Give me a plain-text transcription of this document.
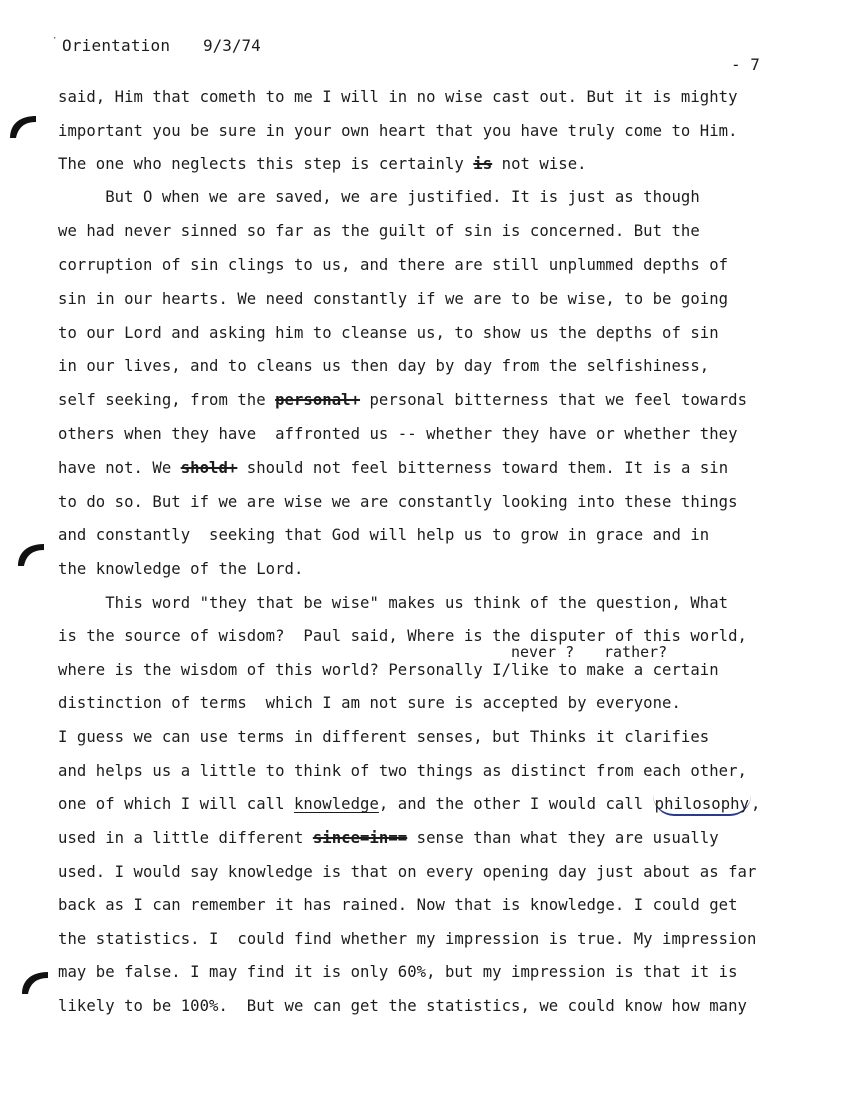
· Orientation 9/3/74
- 7
said, Him that cometh to me I will in no wise cast out. But it is mighty
important you be sure in your own heart that you have truly come to Him.
The one who neglects this step is certainly is not wise.
But O when we are saved, we are justified. It is just as though
we had never sinned so far as the guilt of sin is concerned. But the
corruption of sin clings to us, and there are still unplummed depths of
sin in our hearts. We need constantly if we are to be wise, to be going
to our Lord and asking him to cleanse us, to show us the depths of sin
in our lives, and to cleans us then day by day from the selfishiness,
self seeking, from the personal+ personal bitterness that we feel towards
others when they have  affronted us -- whether they have or whether they
have not. We shold+ should not feel bitterness toward them. It is a sin
to do so. But if we are wise we are constantly looking into these things
and constantly  seeking that God will help us to grow in grace and in
the knowledge of the Lord.
This word "they that be wise" makes us think of the question, What
is the source of wisdom?  Paul said, Where is the disputer of this world,
never ? rather?
where is the wisdom of this world? Personally I/like to make a certain
distinction of terms  which I am not sure is accepted by everyone.
I guess we can use terms in different senses, but Thinks it clarifies
and helps us a little to think of two things as distinct from each other,
one of which I will call knowledge, and the other I would call philosophy ,
used in a little different since=in== sense than what they are usually
used. I would say knowledge is that on every opening day just about as far
back as I can remember it has rained. Now that is knowledge. I could get
the statistics. I  could find whether my impression is true. My impression
may be false. I may find it is only 60%, but my impression is that it is
likely to be 100%.  But we can get the statistics, we could know how many
